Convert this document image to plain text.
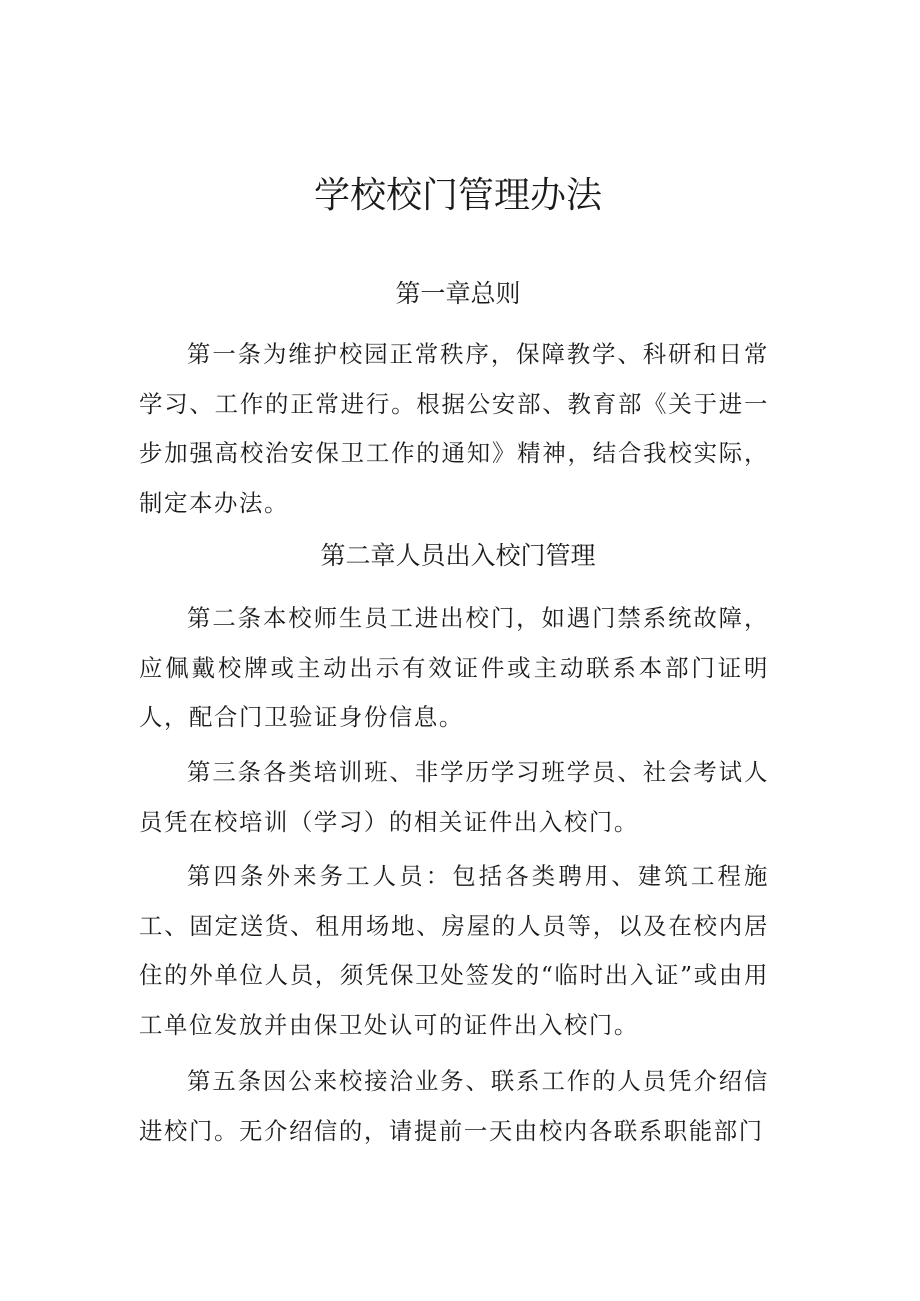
学校校门管理办法
第一章总则

第一条为维护校园正常秩序，保障教学、科研和日常学习、工作的正常进行。根据公安部、教育部《关于进一步加强高校治安保卫工作的通知》精神，结合我校实际，制定本办法。

第二章人员出入校门管理

第二条本校师生员工进出校门，如遇门禁系统故障，应佩戴校牌或主动出示有效证件或主动联系本部门证明人，配合门卫验证身份信息。

第三条各类培训班、非学历学习班学员、社会考试人员凭在校培训（学习）的相关证件出入校门。

第四条外来务工人员：包括各类聘用、建筑工程施工、固定送货、租用场地、房屋的人员等，以及在校内居住的外单位人员，须凭保卫处签发的“临时出入证”或由用工单位发放并由保卫处认可的证件出入校门。

第五条因公来校接洽业务、联系工作的人员凭介绍信进校门。无介绍信的，请提前一天由校内各联系职能部门
